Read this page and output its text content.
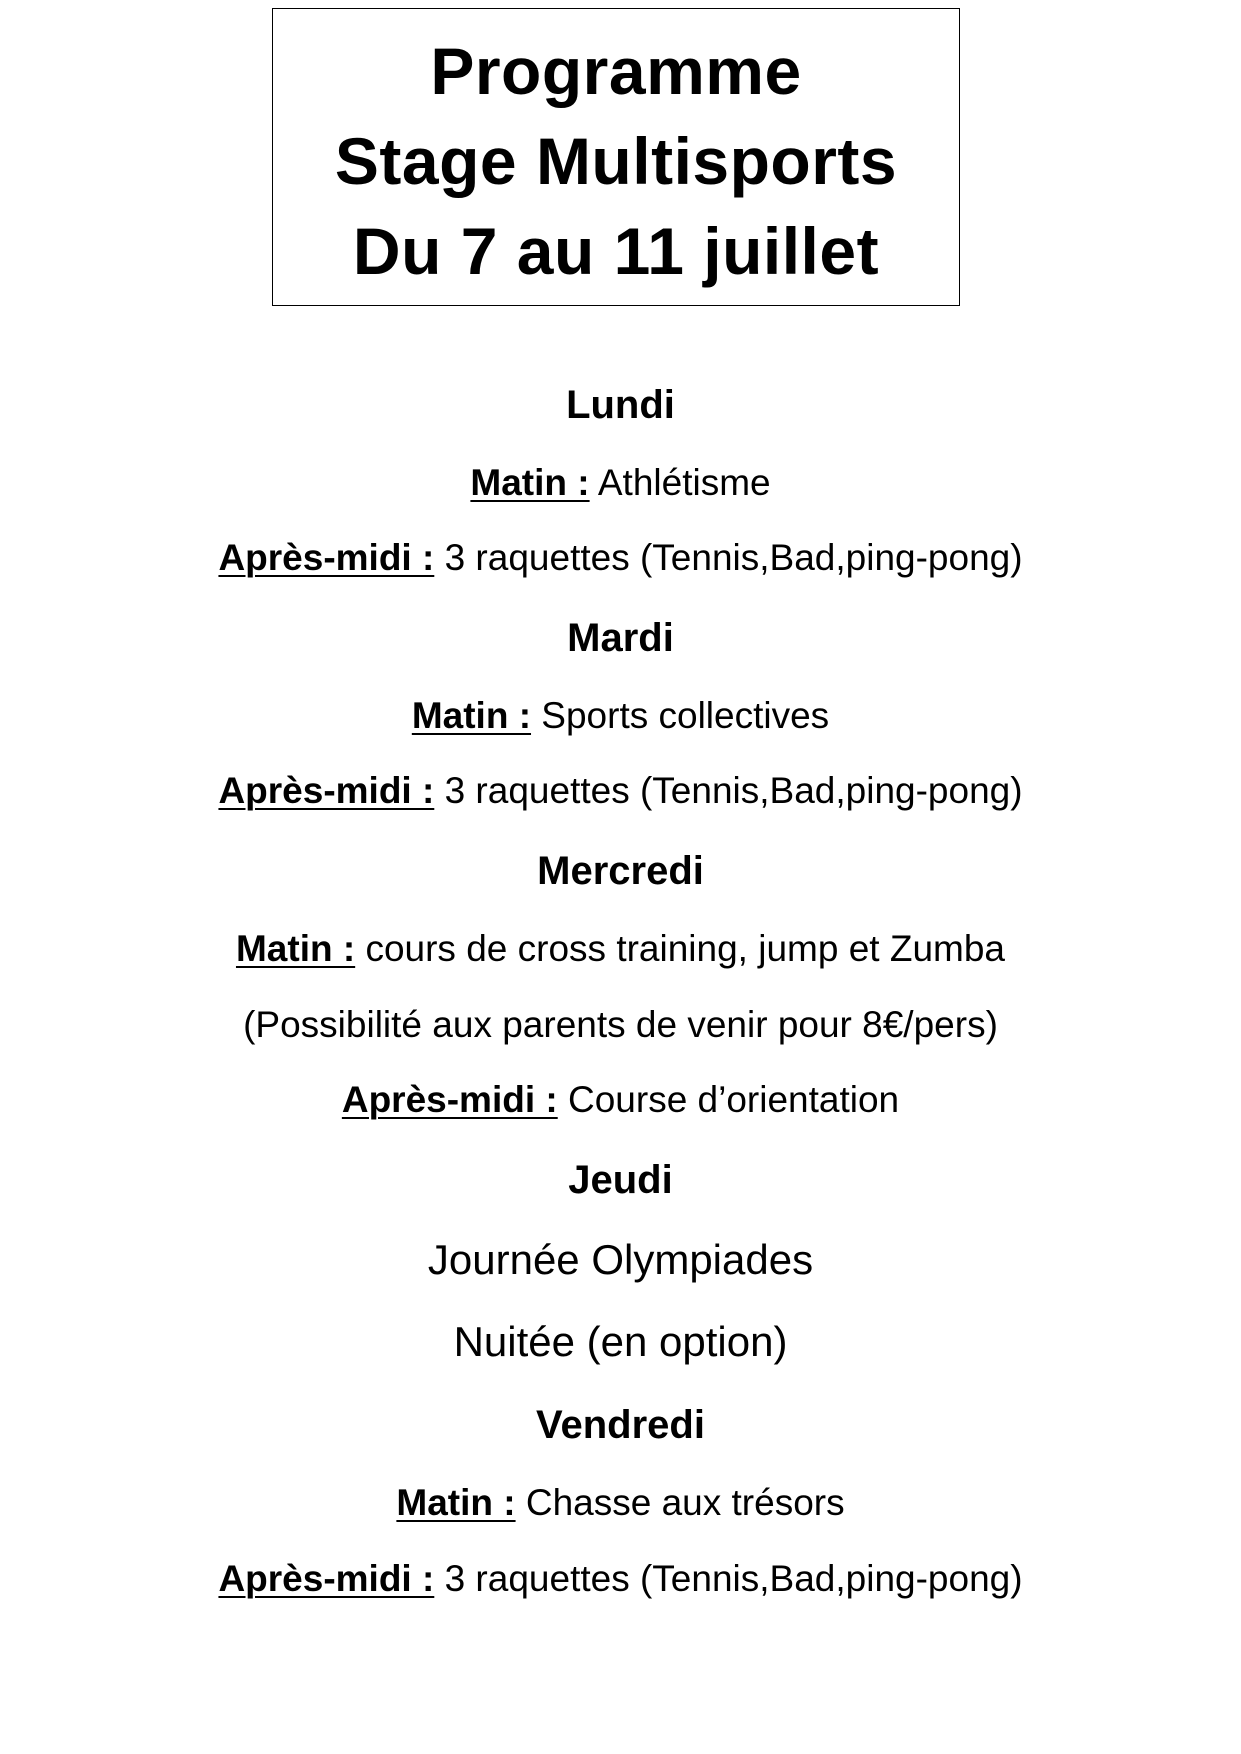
Programme
Stage Multisports
Du 7 au 11 juillet
Lundi
Matin : Athlétisme
Après-midi : 3 raquettes (Tennis,Bad,ping-pong)
Mardi
Matin : Sports collectives
Après-midi : 3 raquettes (Tennis,Bad,ping-pong)
Mercredi
Matin : cours de cross training, jump et Zumba
(Possibilité aux parents de venir pour 8€/pers)
Après-midi : Course d’orientation
Jeudi
Journée Olympiades
Nuitée (en option)
Vendredi
Matin : Chasse aux trésors
Après-midi : 3 raquettes (Tennis,Bad,ping-pong)
